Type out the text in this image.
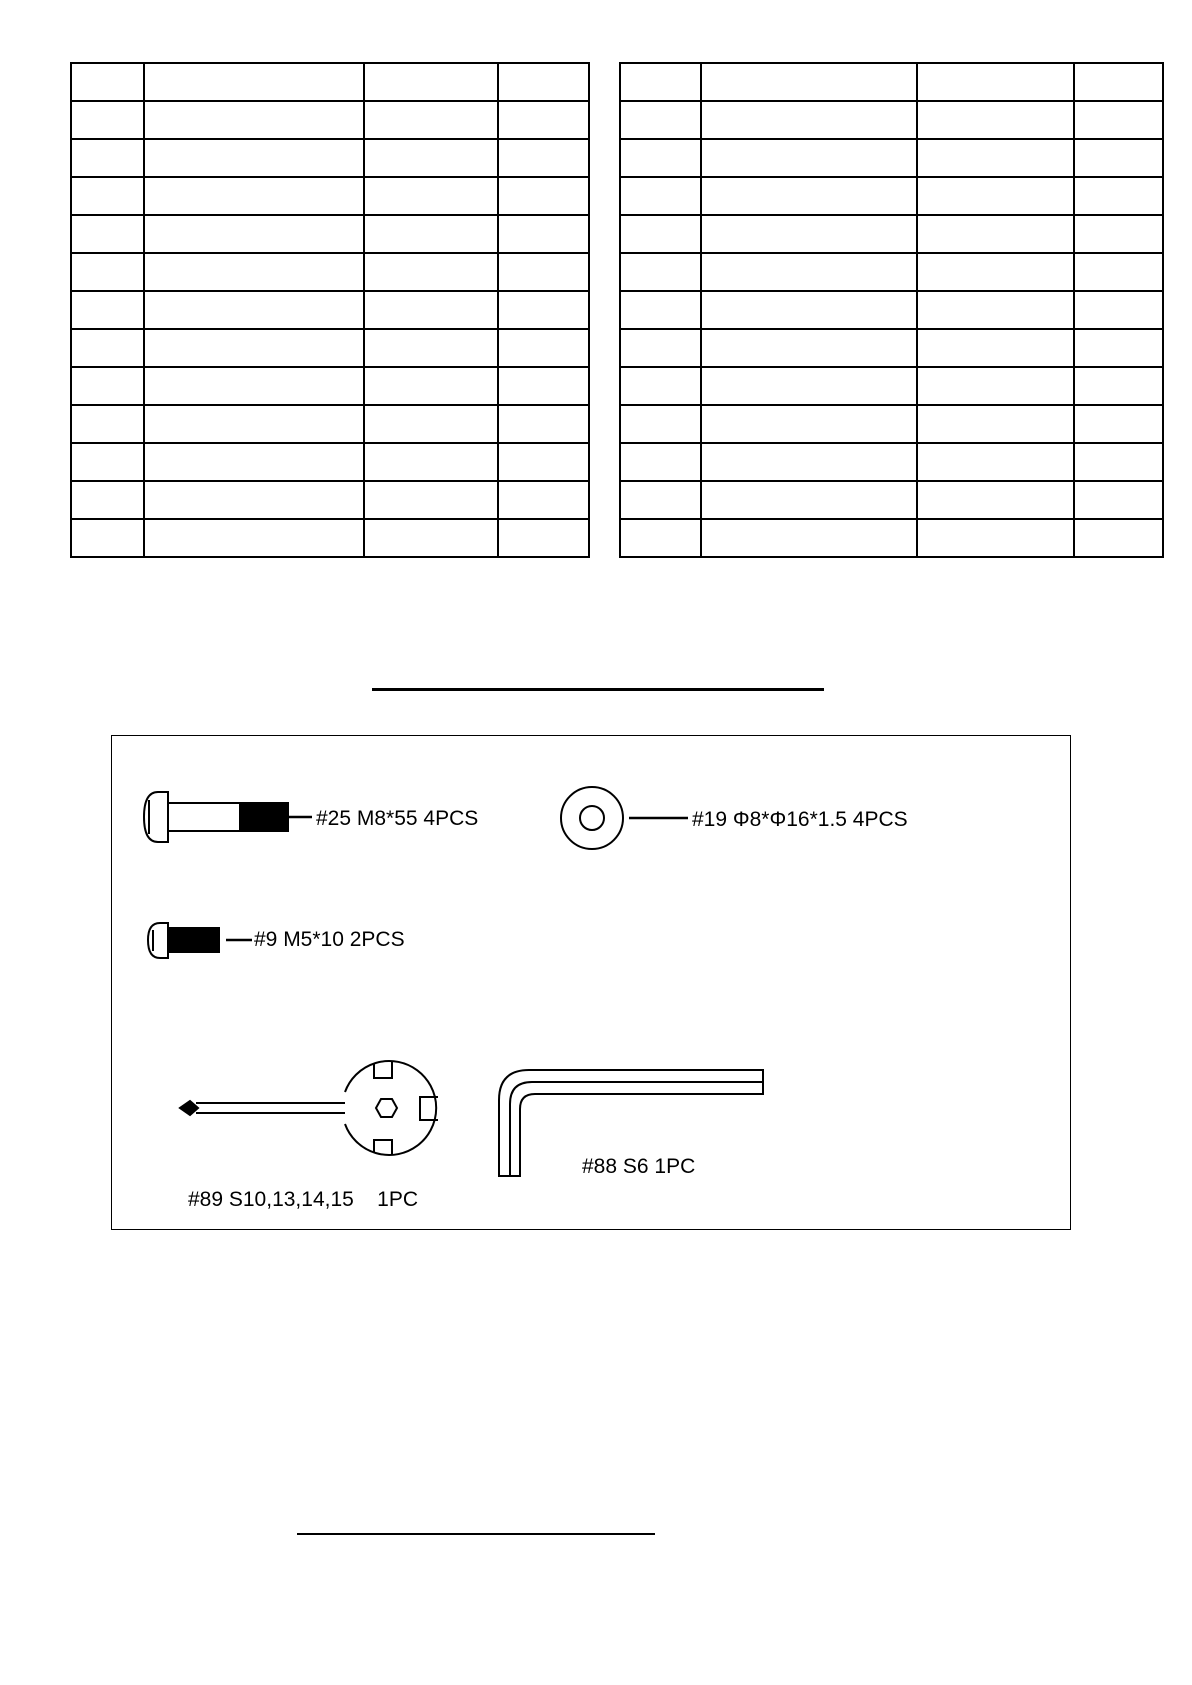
#25 M8*55 4PCS	#19 Φ8*Φ16*1.5 4PCS
#9 M5*10 2PCS
#89 S10,13,14,15    1PC
#88 S6 1PC
